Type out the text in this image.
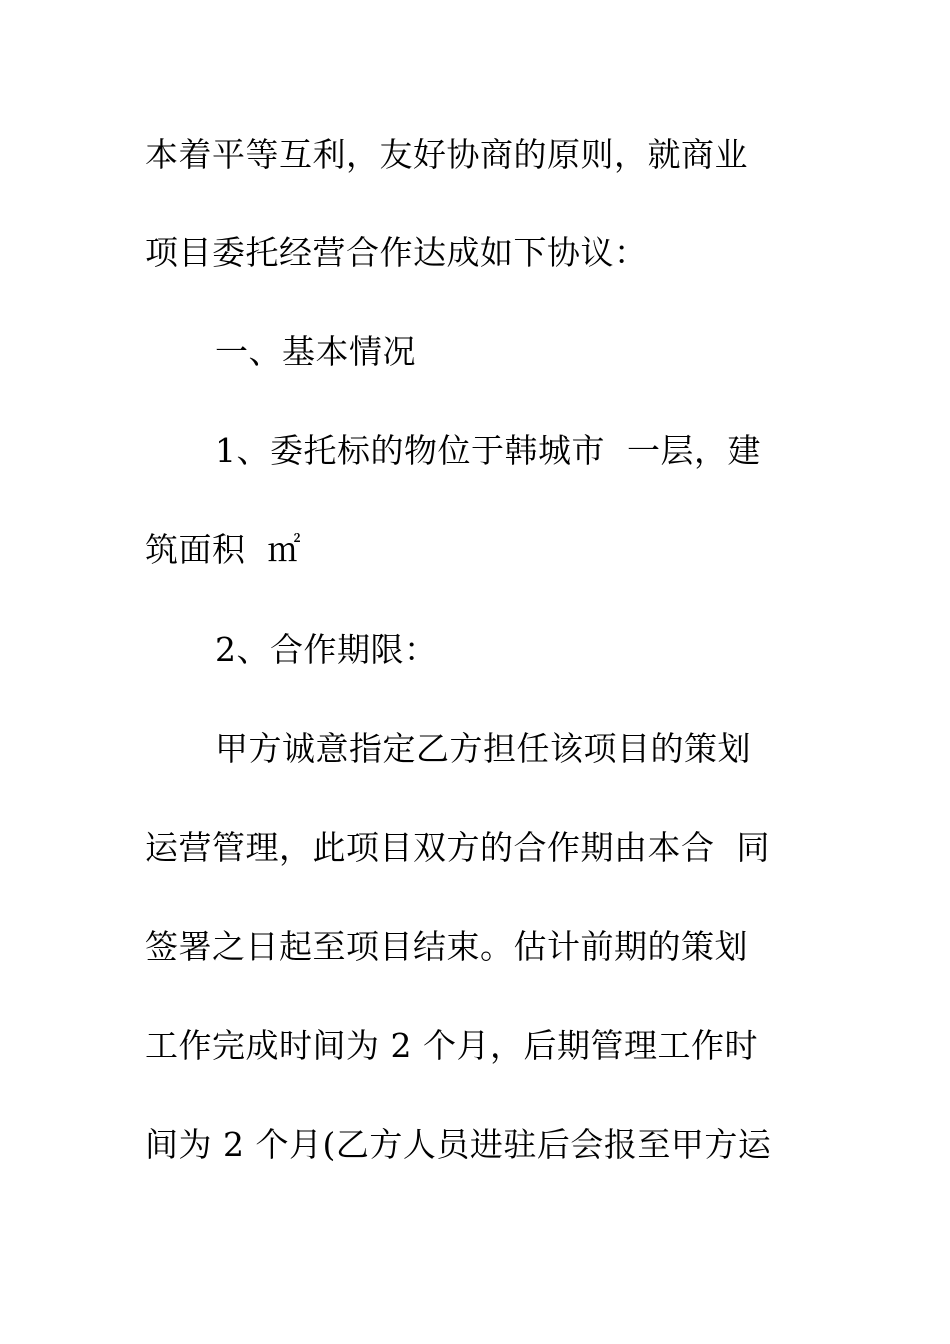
本着平等互利，友好协商的原则，就商业
项目委托经营合作达成如下协议：
一、基本情况
1、委托标的物位于韩城市  一层，建
筑面积  ㎡
2、合作期限：
甲方诚意指定乙方担任该项目的策划
运营管理，此项目双方的合作期由本合  同
签署之日起至项目结束。估计前期的策划
工作完成时间为 2 个月，后期管理工作时
间为 2 个月(乙方人员进驻后会报至甲方运
